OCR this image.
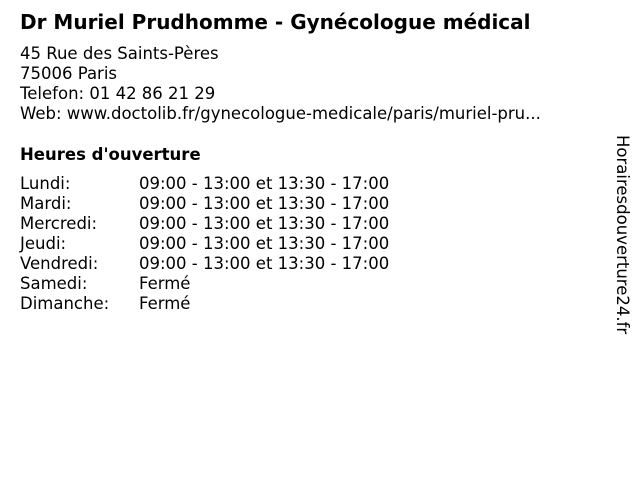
Dr Muriel Prudhomme - Gynécologue médical
45 Rue des Saints-Pères
75006 Paris
Telefon: 01 42 86 21 29
Web: www.doctolib.fr/gynecologue-medicale/paris/muriel-pru...
Heures d'ouverture
Lundi:	09:00 - 13:00 et 13:30 - 17:00
Mardi:	09:00 - 13:00 et 13:30 - 17:00
Mercredi:	09:00 - 13:00 et 13:30 - 17:00
Jeudi:	09:00 - 13:00 et 13:30 - 17:00
Vendredi:	09:00 - 13:00 et 13:30 - 17:00
Samedi:	Fermé
Dimanche:	Fermé	Horairesdouverture24.fr
